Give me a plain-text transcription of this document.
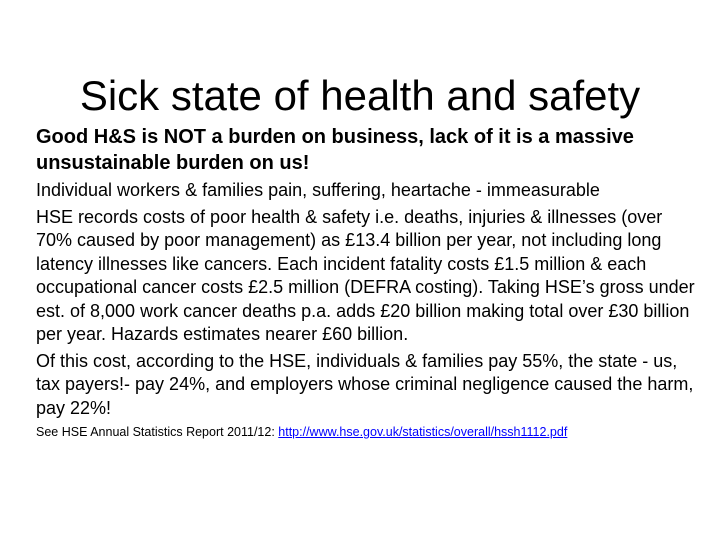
Sick state of health and safety

Good H&S is NOT a burden on business, lack of it is a massive unsustainable burden on us!

Individual workers & families pain, suffering, heartache - immeasurable

HSE records costs of poor health & safety i.e. deaths, injuries & illnesses (over 70% caused by poor management) as £13.4 billion per year, not including long latency illnesses like cancers. Each incident fatality costs £1.5 million & each occupational cancer costs £2.5 million (DEFRA costing). Taking HSE’s gross under est. of 8,000 work cancer deaths p.a. adds £20 billion making total over £30 billion per year. Hazards estimates nearer £60 billion.

Of this cost, according to the HSE, individuals & families pay 55%, the state - us, tax payers!- pay 24%, and employers whose criminal negligence caused the harm, pay 22%!

See HSE Annual Statistics Report 2011/12: http://www.hse.gov.uk/statistics/overall/hssh1112.pdf
